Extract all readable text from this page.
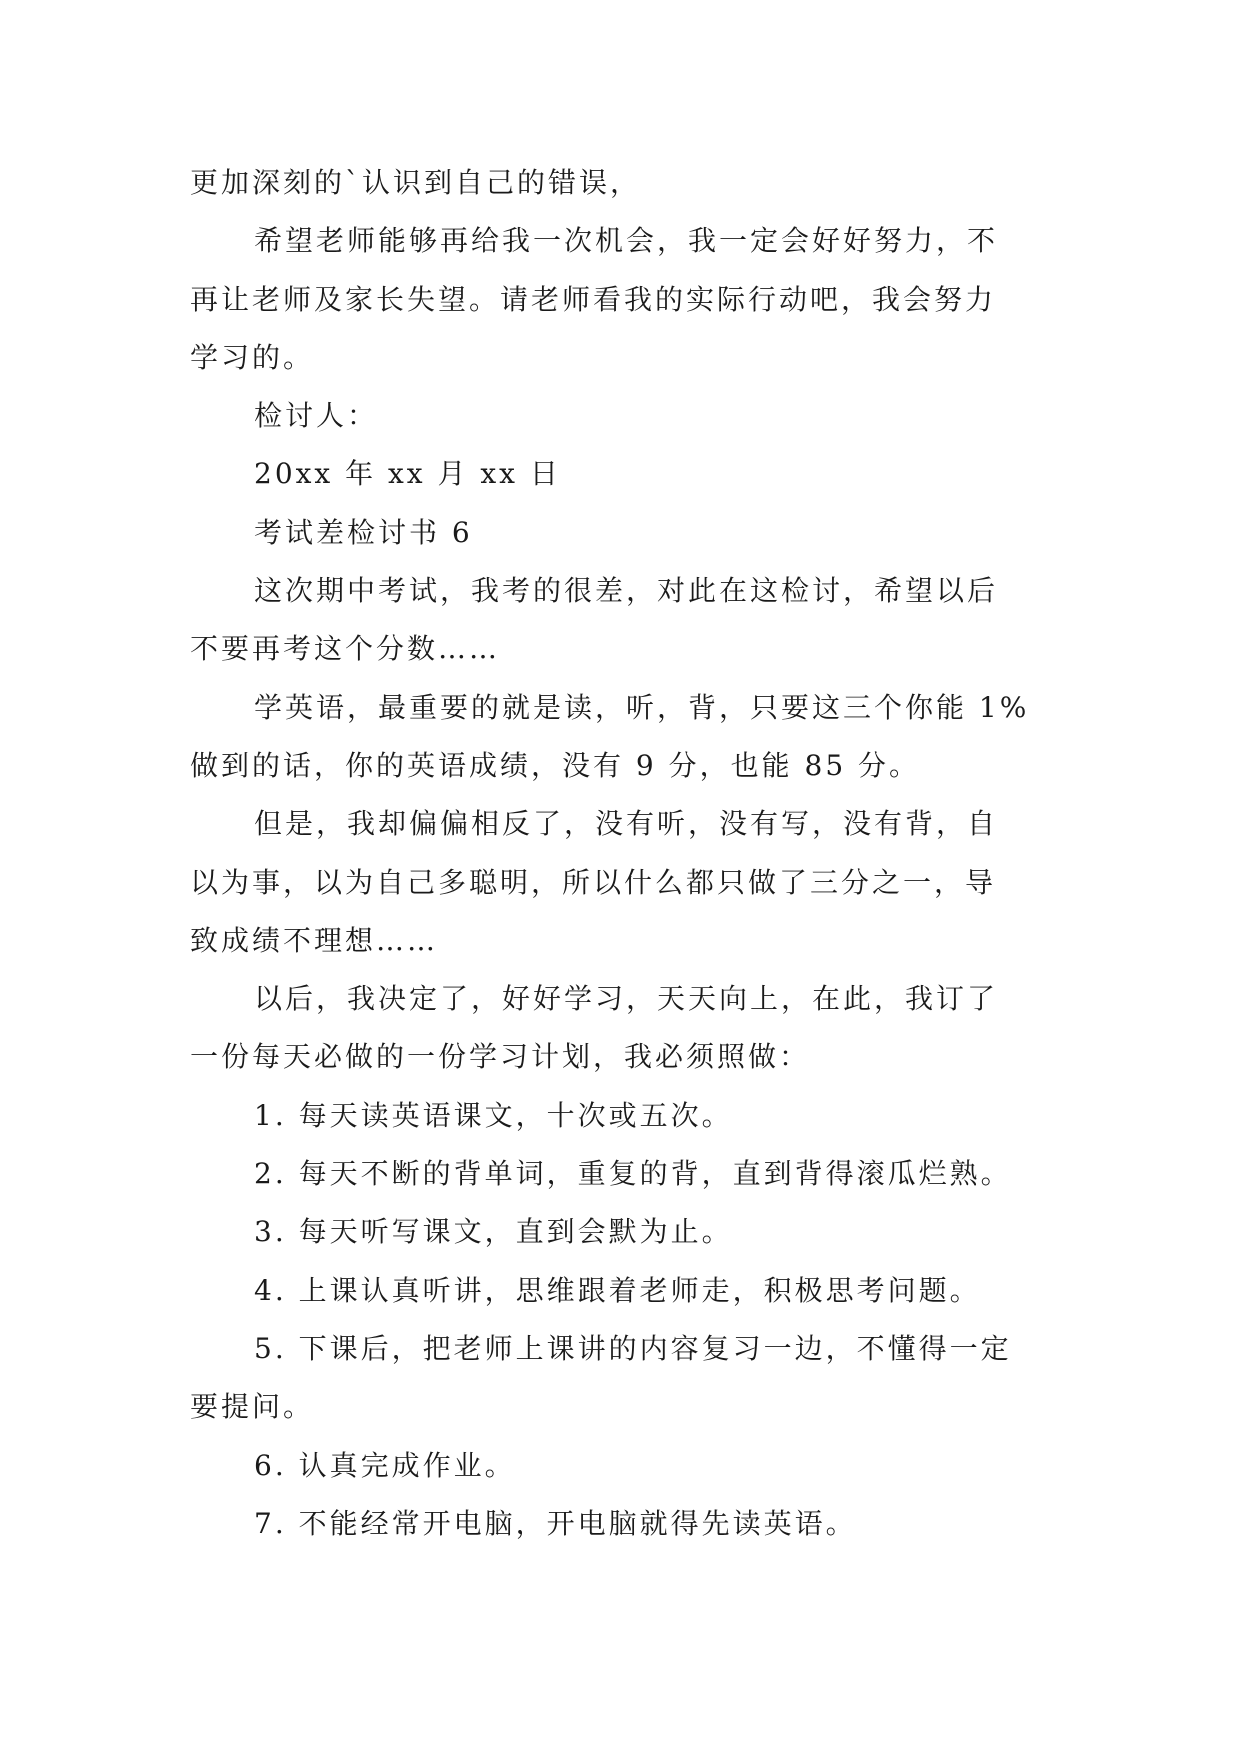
更加深刻的`认识到自己的错误，
希望老师能够再给我一次机会，我一定会好好努力，不
再让老师及家长失望。请老师看我的实际行动吧，我会努力
学习的。
检讨人：
20xx 年 xx 月 xx 日
考试差检讨书 6
这次期中考试，我考的很差，对此在这检讨，希望以后
不要再考这个分数……
学英语，最重要的就是读，听，背，只要这三个你能 1%
做到的话，你的英语成绩，没有 9 分，也能 85 分。
但是，我却偏偏相反了，没有听，没有写，没有背，自
以为事，以为自己多聪明，所以什么都只做了三分之一，导
致成绩不理想……
以后，我决定了，好好学习，天天向上，在此，我订了
一份每天必做的一份学习计划，我必须照做：
1. 每天读英语课文，十次或五次。
2. 每天不断的背单词，重复的背，直到背得滚瓜烂熟。
3. 每天听写课文，直到会默为止。
4. 上课认真听讲，思维跟着老师走，积极思考问题。
5. 下课后，把老师上课讲的内容复习一边，不懂得一定
要提问。
6. 认真完成作业。
7. 不能经常开电脑，开电脑就得先读英语。
